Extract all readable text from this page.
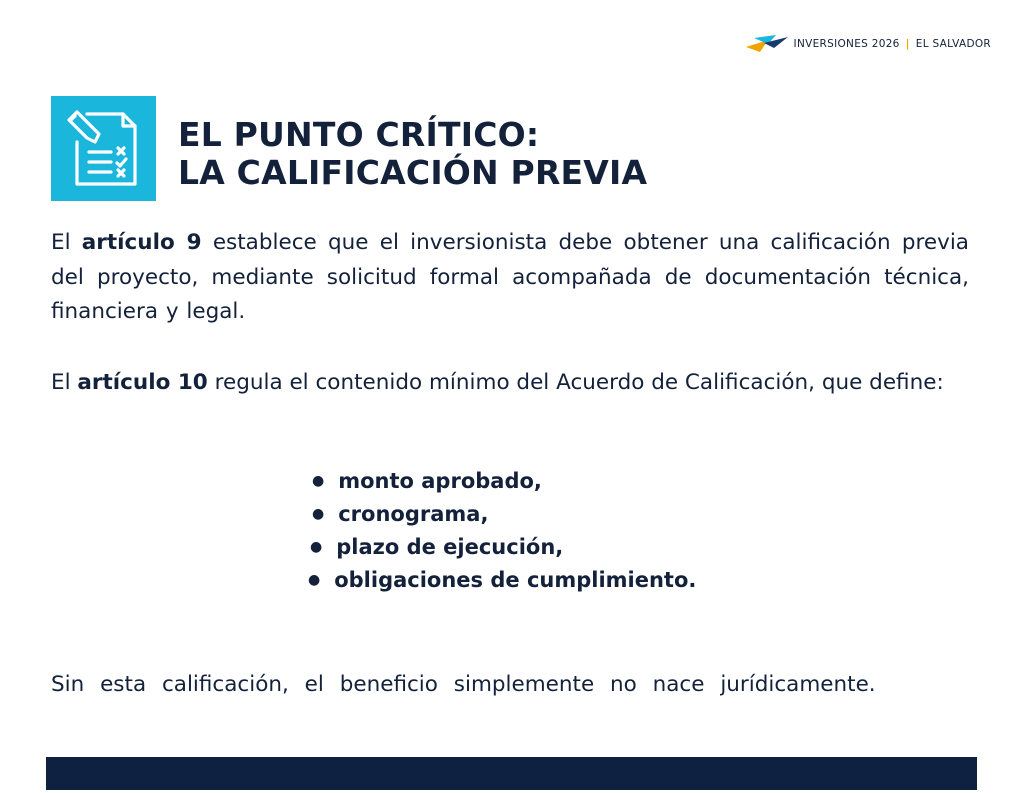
INVERSIONES 2026 | EL SALVADOR
EL PUNTO CRÍTICO:
LA CALIFICACIÓN PREVIA
El artículo 9 establece que el inversionista debe obtener una calificación previa del proyecto, mediante solicitud formal acompañada de documentación técnica, financiera y legal.
El artículo 10 regula el contenido mínimo del Acuerdo de Calificación, que define:
● monto aprobado,
● cronograma,
● plazo de ejecución,
● obligaciones de cumplimiento.
Sin esta calificación, el beneficio simplemente no nace jurídicamente.
